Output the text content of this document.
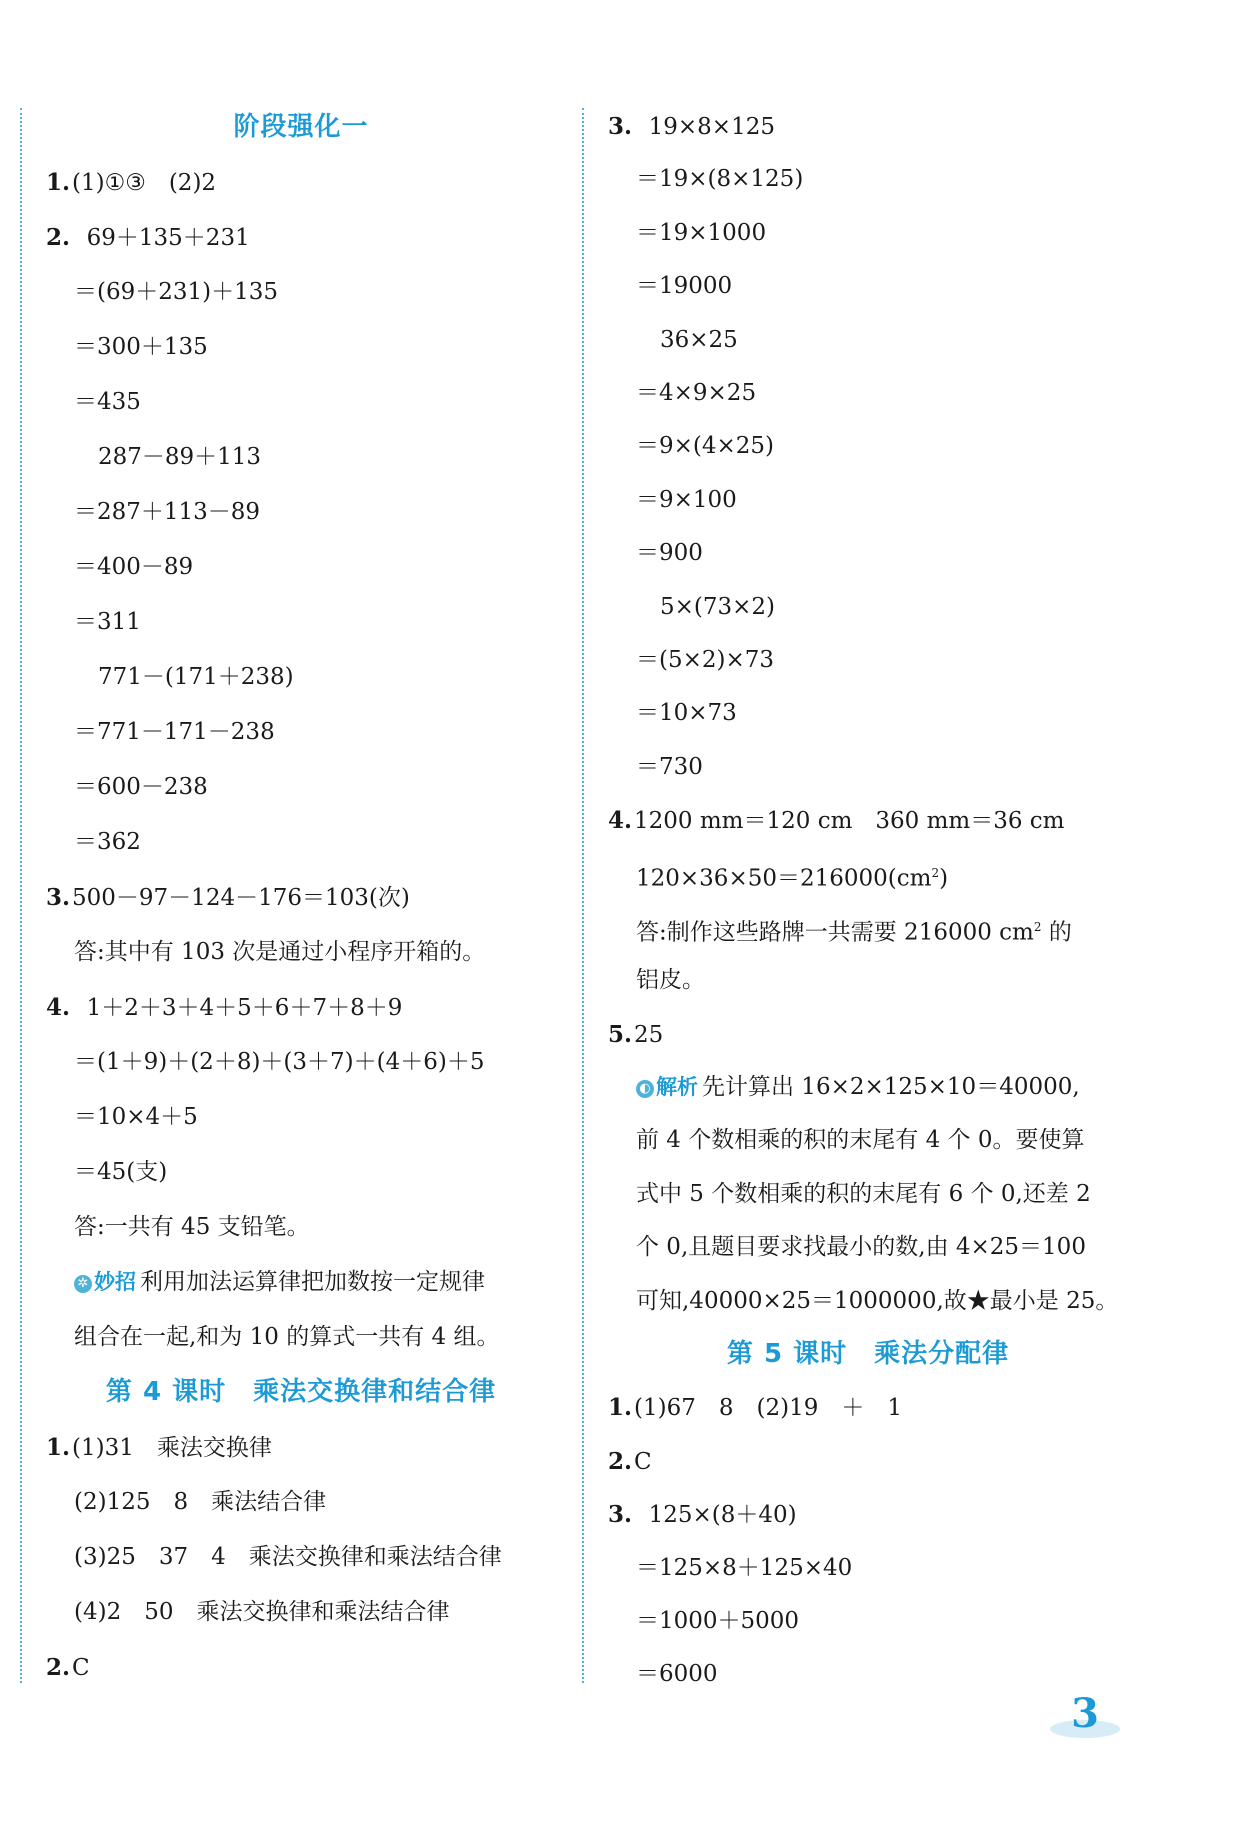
阶段强化一
1.(1)①③　(2)2
2. 69＋135＋231
＝(69＋231)＋135
＝300＋135
＝435
287－89＋113
＝287＋113－89
＝400－89
＝311
771－(171＋238)
＝771－171－238
＝600－238
＝362
3.500－97－124－176＝103(次)
答:其中有 103 次是通过小程序开箱的。
4. 1＋2＋3＋4＋5＋6＋7＋8＋9
＝(1＋9)＋(2＋8)＋(3＋7)＋(4＋6)＋5
＝10×4＋5
＝45(支)
答:一共有 45 支铅笔。
✲ 妙招 利用加法运算律把加数按一定规律
组合在一起,和为 10 的算式一共有 4 组。
第 4 课时　乘法交换律和结合律
1.(1)31　乘法交换律
(2)125　8　乘法结合律
(3)25　37　4　乘法交换律和乘法结合律
(4)2　50　乘法交换律和乘法结合律
2.C
3. 19×8×125
＝19×(8×125)
＝19×1000
＝19000
36×25
＝4×9×25
＝9×(4×25)
＝9×100
＝900
5×(73×2)
＝(5×2)×73
＝10×73
＝730
4.1200 mm＝120 cm　360 mm＝36 cm
$120\times 36\times 50=216000(cm^2)$
答:制作这些路牌一共需要 216000 $cm^2$ 的
铝皮。
5.25
◐ 解析 先计算出 16×2×125×10＝40000,
前 4 个数相乘的积的末尾有 4 个 0。要使算
式中 5 个数相乘的积的末尾有 6 个 0,还差 2
个 0,且题目要求找最小的数,由 4×25＝100
可知,40000×25＝1000000,故★最小是 25。
第 5 课时　乘法分配律
1.(1)67　8　(2)19　＋　1
2.C
3. 125×(8＋40)
＝125×8＋125×40
＝1000＋5000
＝6000
3
